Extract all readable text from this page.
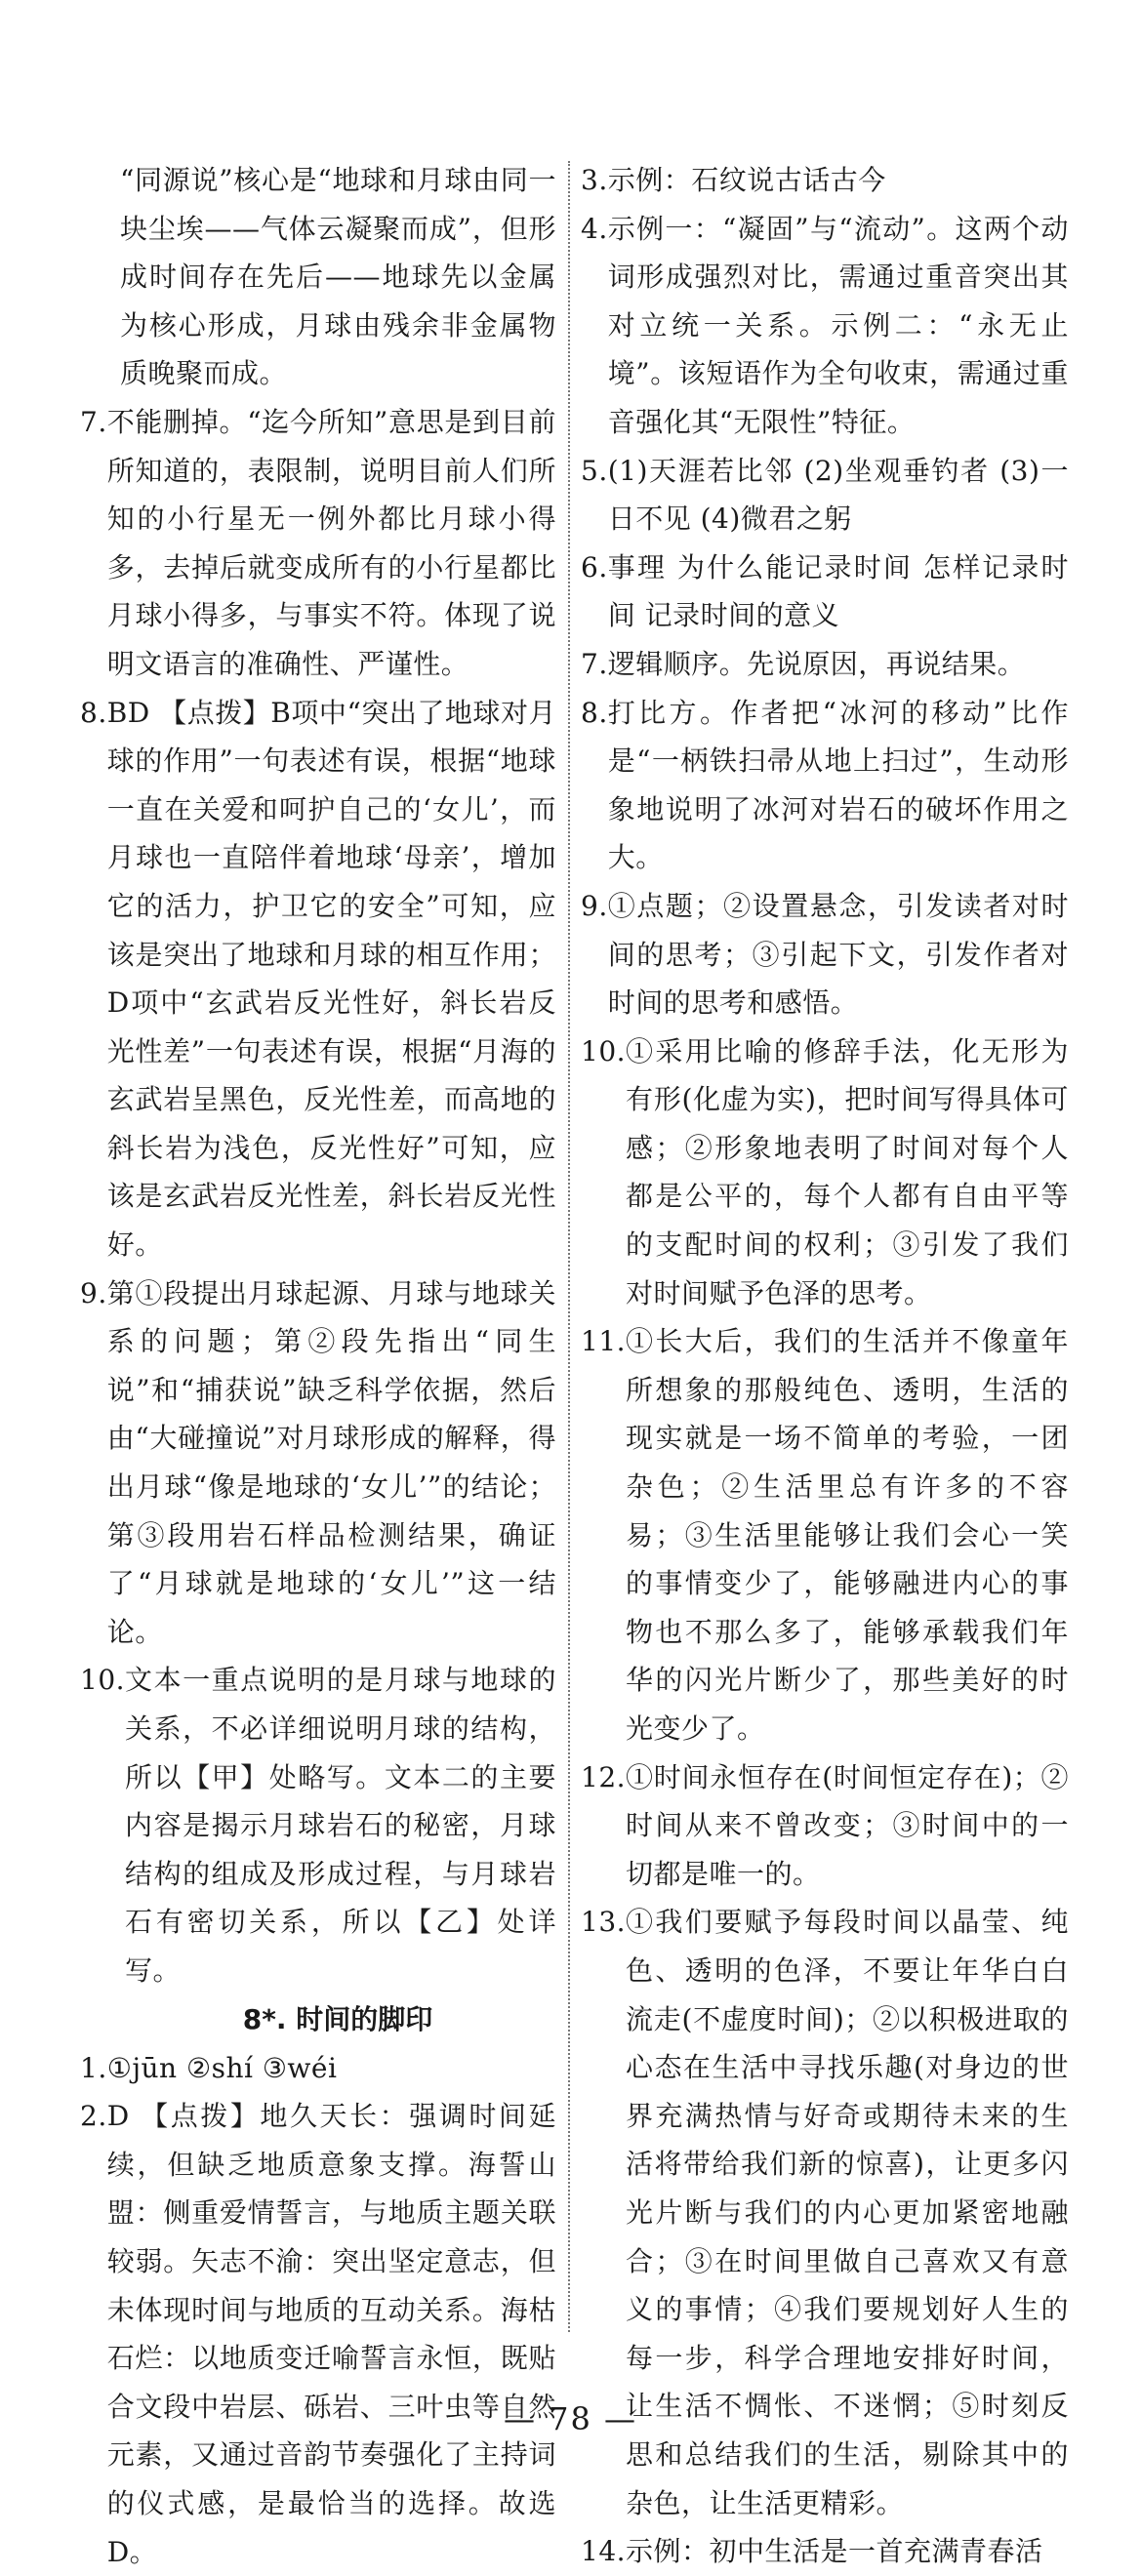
“同源说”核心是“地球和月球由同一块尘埃——气体云凝聚而成”，但形成时间存在先后——地球先以金属为核心形成，月球由残余非金属物质晚聚而成。
7. 不能删掉。“迄今所知”意思是到目前所知道的，表限制，说明目前人们所知的小行星无一例外都比月球小得多，去掉后就变成所有的小行星都比月球小得多，与事实不符。体现了说明文语言的准确性、严谨性。
8. BD 【点拨】B项中“突出了地球对月球的作用”一句表述有误，根据“地球一直在关爱和呵护自己的‘女儿’，而月球也一直陪伴着地球‘母亲’，增加它的活力，护卫它的安全”可知，应该是突出了地球和月球的相互作用；D项中“玄武岩反光性好，斜长岩反光性差”一句表述有误，根据“月海的玄武岩呈黑色，反光性差，而高地的斜长岩为浅色，反光性好”可知，应该是玄武岩反光性差，斜长岩反光性好。
9. 第①段提出月球起源、月球与地球关系的问题；第②段先指出“同生说”和“捕获说”缺乏科学依据，然后由“大碰撞说”对月球形成的解释，得出月球“像是地球的‘女儿’”的结论；第③段用岩石样品检测结果，确证了“月球就是地球的‘女儿’”这一结论。
10. 文本一重点说明的是月球与地球的关系，不必详细说明月球的结构，所以【甲】处略写。文本二的主要内容是揭示月球岩石的秘密，月球结构的组成及形成过程，与月球岩石有密切关系，所以【乙】处详写。
8*. 时间的脚印
1. ①jūn ②shí ③wéi
2. D 【点拨】地久天长：强调时间延续，但缺乏地质意象支撑。海誓山盟：侧重爱情誓言，与地质主题关联较弱。矢志不渝：突出坚定意志，但未体现时间与地质的互动关系。海枯石烂：以地质变迁喻誓言永恒，既贴合文段中岩层、砾岩、三叶虫等自然元素，又通过音韵节奏强化了主持词的仪式感，是最恰当的选择。故选D。
3. 示例：石纹说古话古今
4. 示例一：“凝固”与“流动”。这两个动词形成强烈对比，需通过重音突出其对立统一关系。示例二：“永无止境”。该短语作为全句收束，需通过重音强化其“无限性”特征。
5. (1)天涯若比邻 (2)坐观垂钓者 (3)一日不见 (4)微君之躬
6. 事理 为什么能记录时间 怎样记录时间 记录时间的意义
7. 逻辑顺序。先说原因，再说结果。
8. 打比方。作者把“冰河的移动”比作是“一柄铁扫帚从地上扫过”，生动形象地说明了冰河对岩石的破坏作用之大。
9. ①点题；②设置悬念，引发读者对时间的思考；③引起下文，引发作者对时间的思考和感悟。
10. ①采用比喻的修辞手法，化无形为有形(化虚为实)，把时间写得具体可感；②形象地表明了时间对每个人都是公平的，每个人都有自由平等的支配时间的权利；③引发了我们对时间赋予色泽的思考。
11. ①长大后，我们的生活并不像童年所想象的那般纯色、透明，生活的现实就是一场不简单的考验，一团杂色；②生活里总有许多的不容易；③生活里能够让我们会心一笑的事情变少了，能够融进内心的事物也不那么多了，能够承载我们年华的闪光片断少了，那些美好的时光变少了。
12. ①时间永恒存在(时间恒定存在)；②时间从来不曾改变；③时间中的一切都是唯一的。
13. ①我们要赋予每段时间以晶莹、纯色、透明的色泽，不要让年华白白流走(不虚度时间)；②以积极进取的心态在生活中寻找乐趣(对身边的世界充满热情与好奇或期待未来的生活将带给我们新的惊喜)，让更多闪光片断与我们的内心更加紧密地融合；③在时间里做自己喜欢又有意义的事情；④我们要规划好人生的每一步，科学合理地安排好时间，让生活不惆怅、不迷惘；⑤时刻反思和总结我们的生活，剔除其中的杂色，让生活更精彩。
14. 示例：初中生活是一首充满青春活
— 78 —
